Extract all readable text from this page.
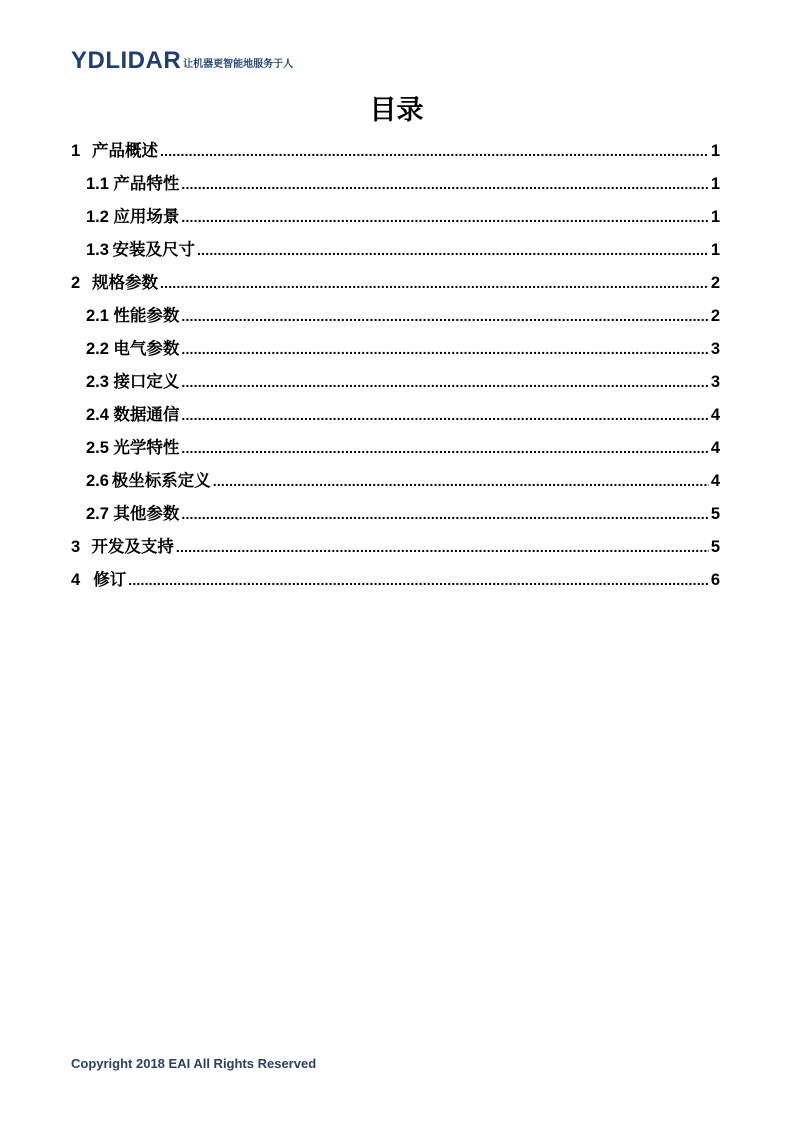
YDLIDAR 让机器更智能地服务于人
目录
1 产品概述 .....	1
1.1 产品特性 .....	1
1.2 应用场景 .....	1
1.3 安装及尺寸 .....	1
2 规格参数 .....	2
2.1 性能参数 .....	2
2.2 电气参数 .....	3
2.3 接口定义 .....	3
2.4 数据通信 .....	4
2.5 光学特性 .....	4
2.6 极坐标系定义 .....	4
2.7 其他参数 .....	5
3 开发及支持 .....	5
4 修订 .....	6
Copyright 2018 EAI All Rights Reserved
